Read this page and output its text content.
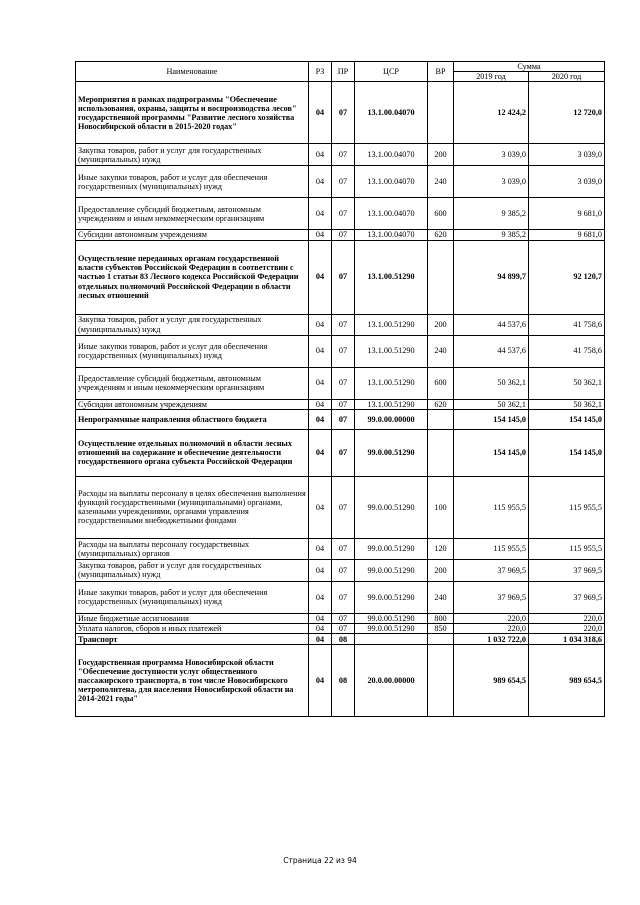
Наименование	РЗ	ПР	ЦСР	ВР	Сумма	
					2019 год	2020 год
Мероприятия в рамках подпрограммы "Обеспечение использования, охраны, защиты и воспроизводства лесов" государственной программы "Развитие лесного хозяйства Новосибирской области в 2015-2020 годах"	04	07	13.1.00.04070		12 424,2	12 720,0
Закупка товаров, работ и услуг для государственных (муниципальных) нужд	04	07	13.1.00.04070	200	3 039,0	3 039,0
Иные закупки товаров, работ и услуг для обеспечения государственных (муниципальных) нужд	04	07	13.1.00.04070	240	3 039,0	3 039,0
Предоставление субсидий бюджетным, автономным учреждениям и иным некоммерческим организациям	04	07	13.1.00.04070	600	9 385,2	9 681,0
Субсидии автономным учреждениям	04	07	13.1.00.04070	620	9 385,2	9 681,0
Осуществление переданных органам государственной власти субъектов Российской Федерации в соответствии с частью 1 статьи 83 Лесного кодекса Российской Федерации отдельных полномочий Российской Федерации в области лесных отношений	04	07	13.1.00.51290		94 899,7	92 120,7
Закупка товаров, работ и услуг для государственных (муниципальных) нужд	04	07	13.1.00.51290	200	44 537,6	41 758,6
Иные закупки товаров, работ и услуг для обеспечения государственных (муниципальных) нужд	04	07	13.1.00.51290	240	44 537,6	41 758,6
Предоставление субсидий бюджетным, автономным учреждениям и иным некоммерческим организациям	04	07	13.1.00.51290	600	50 362,1	50 362,1
Субсидии автономным учреждениям	04	07	13.1.00.51290	620	50 362,1	50 362,1
Непрограммные направления областного бюджета	04	07	99.0.00.00000		154 145,0	154 145,0
Осуществление отдельных полномочий в области лесных отношений на содержание и обеспечение деятельности государственного органа субъекта Российской Федерации	04	07	99.0.00.51290		154 145,0	154 145,0
Расходы на выплаты персоналу в целях обеспечения выполнения функций государственными (муниципальными) органами, казенными учреждениями, органами управления государственными внебюджетными фондами	04	07	99.0.00.51290	100	115 955,5	115 955,5
Расходы на выплаты персоналу государственных (муниципальных) органов	04	07	99.0.00.51290	120	115 955,5	115 955,5
Закупка товаров, работ и услуг для государственных (муниципальных) нужд	04	07	99.0.00.51290	200	37 969,5	37 969,5
Иные закупки товаров, работ и услуг для обеспечения государственных (муниципальных) нужд	04	07	99.0.00.51290	240	37 969,5	37 969,5
Иные бюджетные ассигнования	04	07	99.0.00.51290	800	220,0	220,0
Уплата налогов, сборов и иных платежей	04	07	99.0.00.51290	850	220,0	220,0
Транспорт	04	08			1 032 722,0	1 034 318,6
Государственная программа Новосибирской области "Обеспечение доступности услуг общественного пассажирского транспорта, в том числе Новосибирского метрополитена, для населения Новосибирской области на 2014-2021 годы"	04	08	20.0.00.00000		989 654,5	989 654,5
Страница 22 из 94
